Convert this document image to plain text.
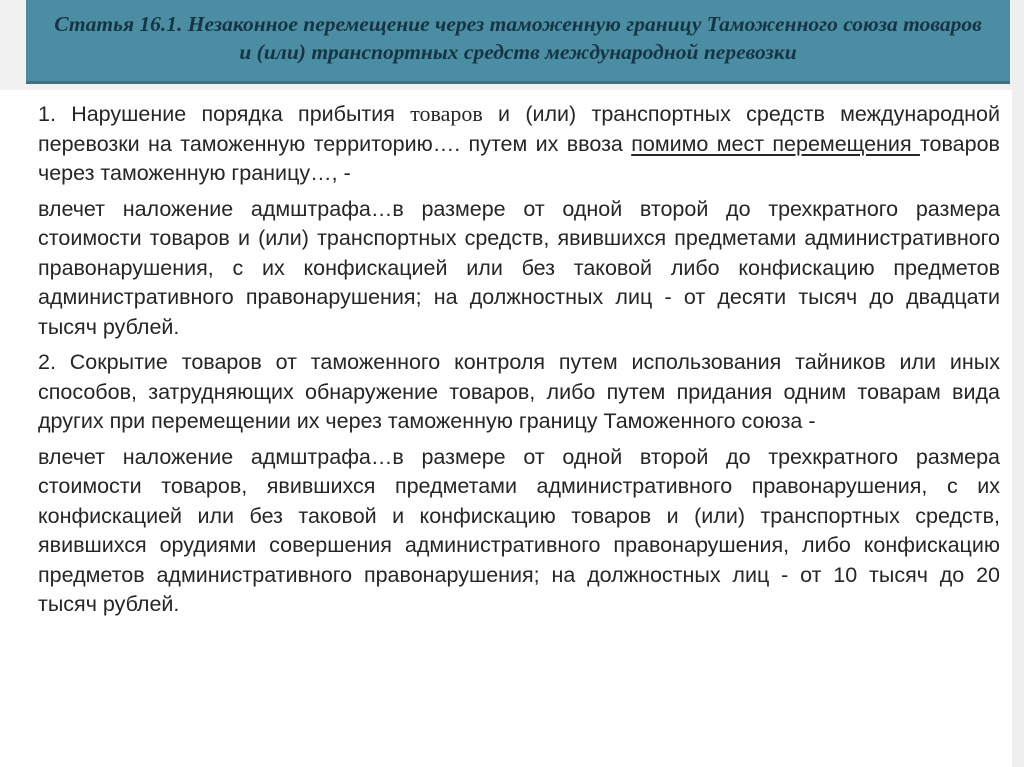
Статья 16.1. Незаконное перемещение через таможенную границу Таможенного союза товаров и (или) транспортных средств международной перевозки

1. Нарушение порядка прибытия товаров и (или) транспортных средств международной перевозки на таможенную территорию…. путем их ввоза помимо мест перемещения товаров через таможенную границу…, -

влечет наложение адмштрафа…в размере от одной второй до трехкратного размера стоимости товаров и (или) транспортных средств, явившихся предметами административного правонарушения, с их конфискацией или без таковой либо конфискацию предметов административного правонарушения; на должностных лиц - от десяти тысяч до двадцати тысяч рублей.

2. Сокрытие товаров от таможенного контроля путем использования тайников или иных способов, затрудняющих обнаружение товаров, либо путем придания одним товарам вида других при перемещении их через таможенную границу Таможенного союза -

влечет наложение адмштрафа…в размере от одной второй до трехкратного размера стоимости товаров, явившихся предметами административного правонарушения, с их конфискацией или без таковой и конфискацию товаров и (или) транспортных средств, явившихся орудиями совершения административного правонарушения, либо конфискацию предметов административного правонарушения; на должностных лиц - от 10 тысяч до 20 тысяч рублей.
